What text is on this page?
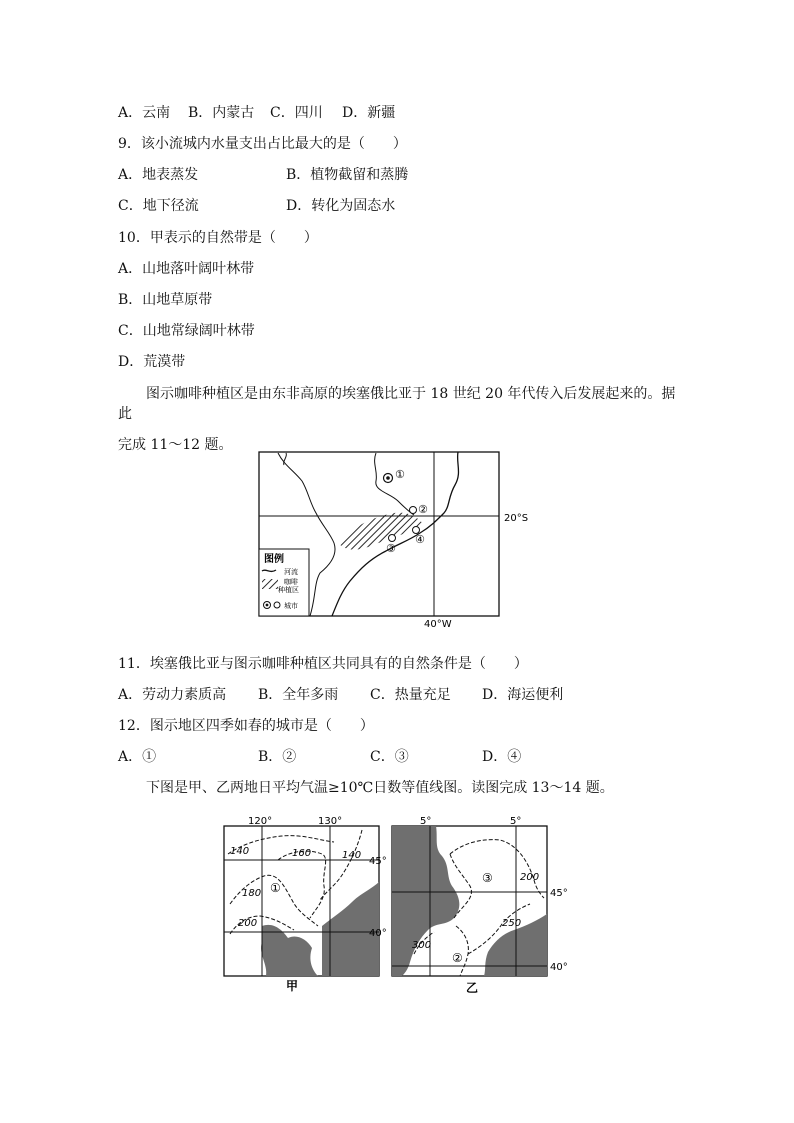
A．云南 B．内蒙古 C．四川 D．新疆
9．该小流城内水量支出占比最大的是（　　）
A．地表蒸发	B．植物截留和蒸腾
C．地下径流	D．转化为固态水
10．甲表示的自然带是（　　）
A．山地落叶阔叶林带
B．山地草原带
C．山地常绿阔叶林带
D．荒漠带
图示咖啡种植区是由东非高原的埃塞俄比亚于 18 世纪 20 年代传入后发展起来的。据此
完成 11～12 题。
20°S
40°W
①
②
③
④
图例
河流
咖啡
种植区
城市
11．埃塞俄比亚与图示咖啡种植区共同具有的自然条件是（　　）
A．劳动力素质高 B．全年多雨 C．热量充足 D．海运便利
12．图示地区四季如春的城市是（　　）
A．①	B．②	C．③	D．④
下图是甲、乙两地日平均气温≥10℃日数等值线图。读图完成 13～14 题。
120°	130°
45°
40°
140	160	140
180
200
①
甲
5°	5°
45°
40°
200
250
300
③
②
乙
